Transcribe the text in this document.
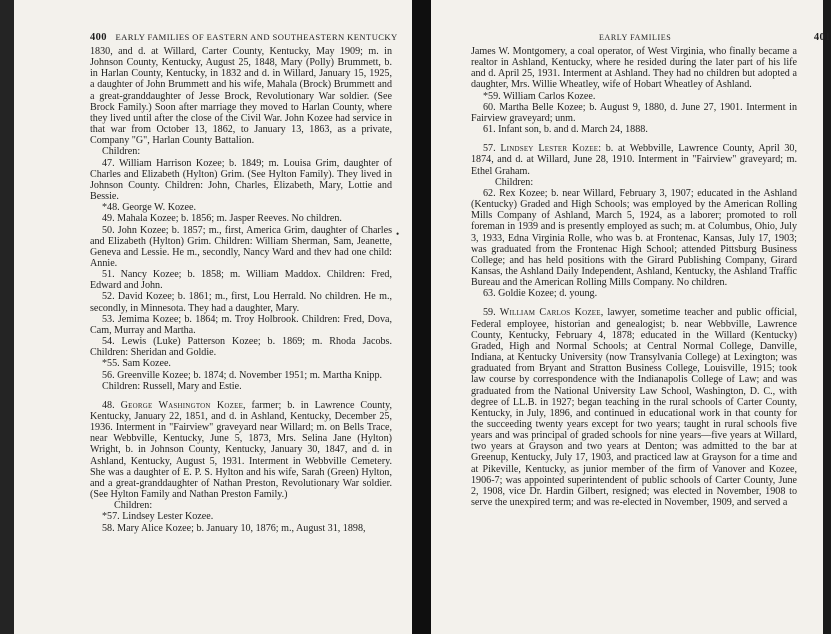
400 EARLY FAMILIES OF EASTERN AND SOUTHEASTERN KENTUCKY

1830, and d. at Willard, Carter County, Kentucky, May 1909; m. in Johnson County, Kentucky, August 25, 1848, Mary (Polly) Brummett, b. in Harlan County, Kentucky, in 1832 and d. in Willard, January 15, 1925, a daughter of John Brummett and his wife, Mahala (Brock) Brummett and a great-granddaughter of Jesse Brock, Revolutionary War soldier. (See Brock Family.) Soon after marriage they moved to Harlan County, where they lived until after the close of the Civil War. John Kozee had service in that war from October 13, 1862, to January 13, 1863, as a private, Company "G", Harlan County Battalion.

Children:

47. William Harrison Kozee; b. 1849; m. Louisa Grim, daughter of Charles and Elizabeth (Hylton) Grim. (See Hylton Family). They lived in Johnson County. Children: John, Charles, Elizabeth, Mary, Lottie and Bessie.

*48. George W. Kozee.

49. Mahala Kozee; b. 1856; m. Jasper Reeves. No children.

50. John Kozee; b. 1857; m., first, America Grim, daughter of Charles and Elizabeth (Hylton) Grim. Children: William Sherman, Sam, Jeanette, Geneva and Lessie. He m., secondly, Nancy Ward and thev had one child: Annie.

51. Nancy Kozee; b. 1858; m. William Maddox. Children: Fred, Edward and John.

52. David Kozee; b. 1861; m., first, Lou Herrald. No children. He m., secondly, in Minnesota. They had a daughter, Mary.

53. Jemima Kozee; b. 1864; m. Troy Holbrook. Children: Fred, Dova, Cam, Murray and Martha.

54. Lewis (Luke) Patterson Kozee; b. 1869; m. Rhoda Jacobs. Children: Sheridan and Goldie.

*55. Sam Kozee.

56. Greenville Kozee; b. 1874; d. November 1951; m. Martha Knipp.

Children: Russell, Mary and Estie.

48. George Washington Kozee, farmer; b. in Lawrence County, Kentucky, January 22, 1851, and d. in Ashland, Kentucky, December 25, 1936. Interment in "Fairview" graveyard near Willard; m. on Bells Trace, near Webbville, Kentucky, June 5, 1873, Mrs. Selina Jane (Hylton) Wright, b. in Johnson County, Kentucky, January 30, 1847, and d. in Ashland, Kentucky, August 5, 1931. Interment in Webbville Cemetery. She was a daughter of E. P. S. Hylton and his wife, Sarah (Green) Hylton, and a great-granddaughter of Nathan Preston, Revolutionary War soldier. (See Hylton Family and Nathan Preston Family.)

Children:

*57. Lindsey Lester Kozee.

58. Mary Alice Kozee; b. January 10, 1876; m., August 31, 1898,

•
EARLY FAMILIES	401

James W. Montgomery, a coal operator, of West Virginia, who finally became a realtor in Ashland, Kentucky, where he resided during the later part of his life and d. April 25, 1931. Interment at Ashland. They had no children but adopted a daughter, Mrs. Willie Wheatley, wife of Hobart Wheatley of Ashland.

*59. William Carlos Kozee.

60. Martha Belle Kozee; b. August 9, 1880, d. June 27, 1901. Interment in Fairview graveyard; unm.

61. Infant son, b. and d. March 24, 1888.

57. Lindsey Lester Kozee: b. at Webbville, Lawrence County, April 30, 1874, and d. at Willard, June 28, 1910. Interment in "Fairview" graveyard; m. Ethel Graham.

Children:

62. Rex Kozee; b. near Willard, February 3, 1907; educated in the Ashland (Kentucky) Graded and High Schools; was employed by the American Rolling Mills Company of Ashland, March 5, 1924, as a laborer; promoted to roll foreman in 1939 and is presently employed as such; m. at Columbus, Ohio, July 3, 1933, Edna Virginia Rolle, who was b. at Frontenac, Kansas, July 17, 1903; was graduated from the Frontenac High School; attended Pittsburg Business College; and has held positions with the Girard Publishing Company, Girard Kansas, the Ashland Daily Independent, Ashland, Kentucky, the Ashland Traffic Bureau and the American Rolling Mills Company. No children.

63. Goldie Kozee; d. young.

59. William Carlos Kozee, lawyer, sometime teacher and public official, Federal employee, historian and genealogist; b. near Webbville, Lawrence County, Kentucky, February 4, 1878; educated in the Willard (Kentucky) Graded, High and Normal Schools; at Central Normal College, Danville, Indiana, at Kentucky University (now Transylvania College) at Lexington; was graduated from Bryant and Stratton Business College, Louisville, 1915; took law course by correspondence with the Indianapolis College of Law; and was graduated from the National University Law School, Washington, D. C., with degree of LL.B. in 1927; began teaching in the rural schools of Carter County, Kentucky, in July, 1896, and continued in educational work in that county for the succeeding twenty years except for two years; taught in rural schools five years and was principal of graded schools for nine years—five years at Willard, two years at Grayson and two years at Denton; was admitted to the bar at Greenup, Kentucky, July 17, 1903, and practiced law at Grayson for a time and at Pikeville, Kentucky, as junior member of the firm of Vanover and Kozee, 1906-7; was appointed superintendent of public schools of Carter County, June 2, 1908, vice Dr. Hardin Gilbert, resigned; was elected in November, 1908 to serve the unexpired term; and was re-elected in November, 1909, and served a
